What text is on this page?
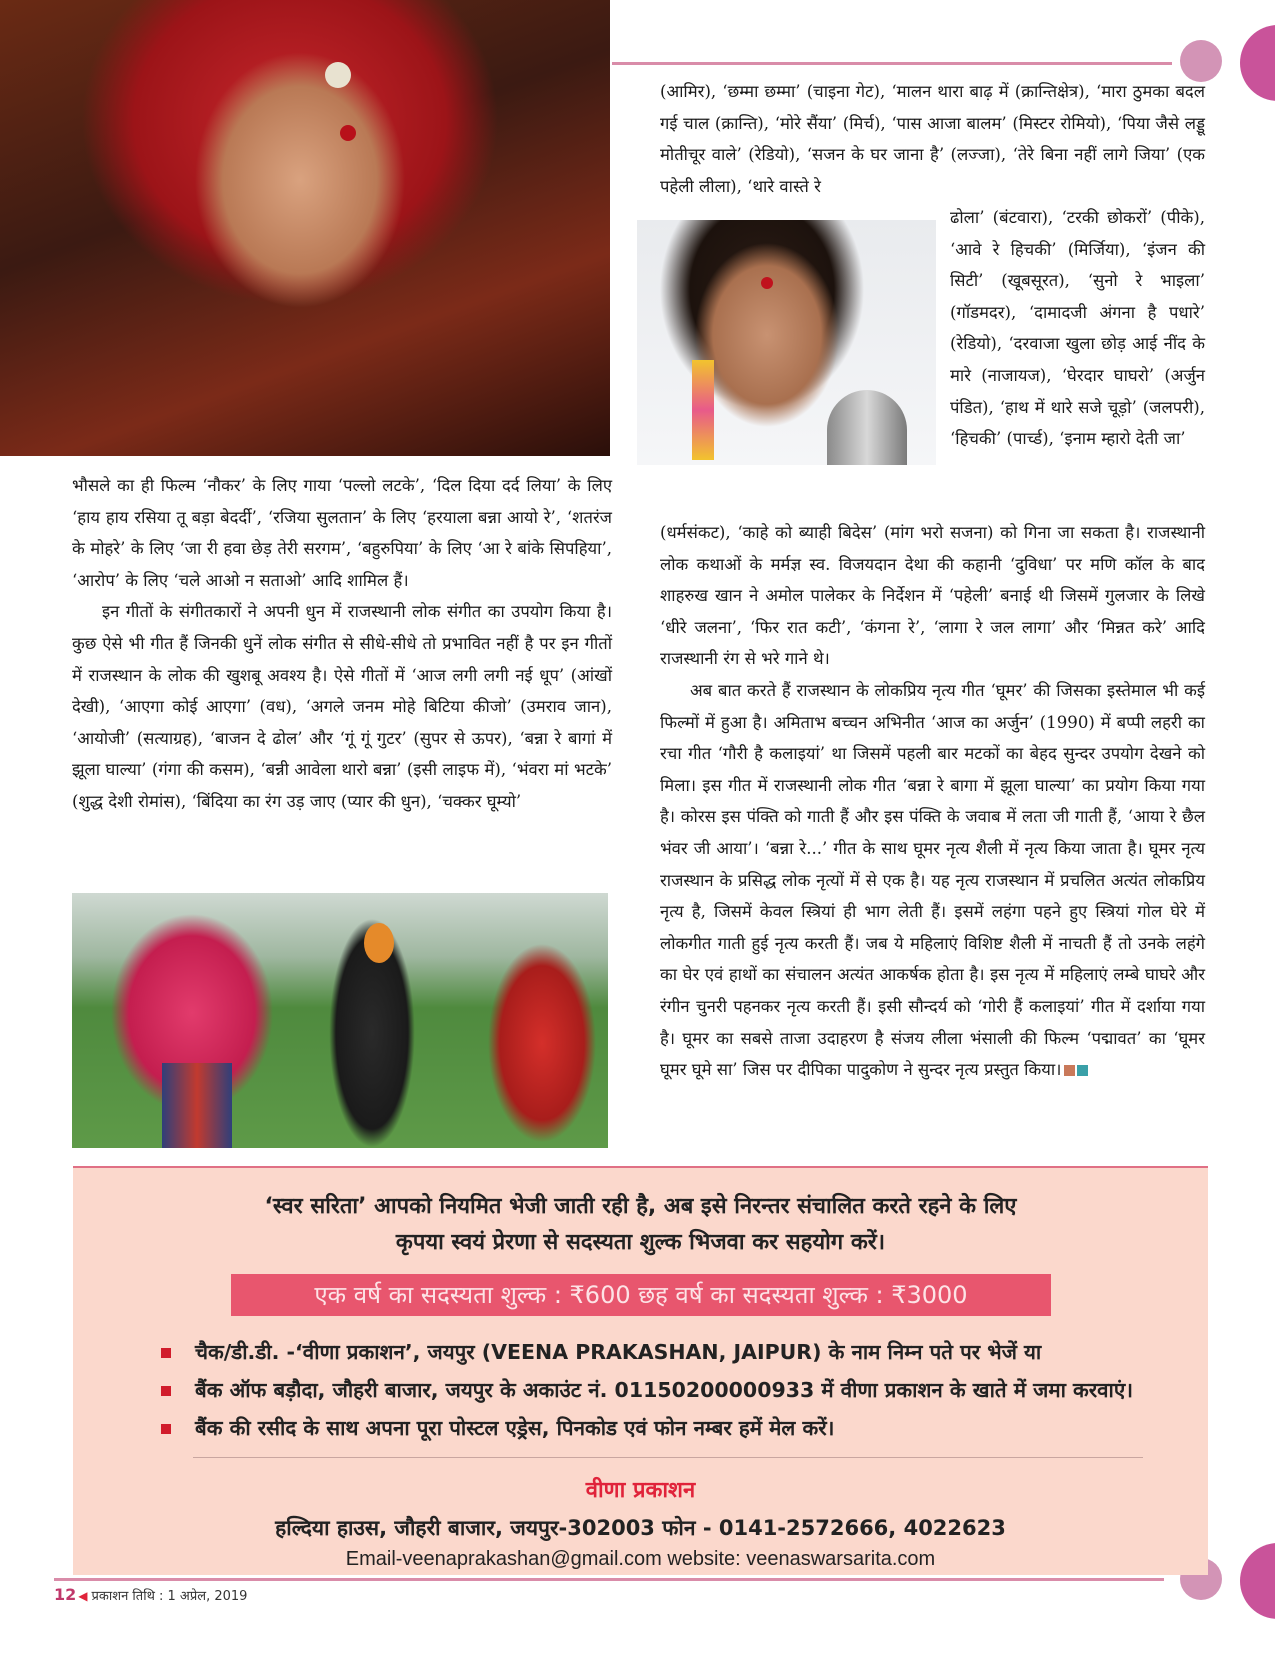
भौसले का ही फिल्म ‘नौकर’ के लिए गाया ‘पल्लो लटके’, ‘दिल दिया दर्द लिया’ के लिए ‘हाय हाय रसिया तू बड़ा बेदर्दी’, ‘रजिया सुलतान’ के लिए ‘हरयाला बन्ना आयो रे’, ‘शतरंज के मोहरे’ के लिए ‘जा री हवा छेड़ तेरी सरगम’, ‘बहुरुपिया’ के लिए ‘आ रे बांके सिपहिया’, ‘आरोप’ के लिए ‘चले आओ न सताओ’ आदि शामिल हैं।

इन गीतों के संगीतकारों ने अपनी धुन में राजस्थानी लोक संगीत का उपयोग किया है। कुछ ऐसे भी गीत हैं जिनकी धुनें लोक संगीत से सीधे-सीधे तो प्रभावित नहीं है पर इन गीतों में राजस्थान के लोक की खुशबू अवश्य है। ऐसे गीतों में ‘आज लगी लगी नई धूप’ (आंखों देखी), ‘आएगा कोई आएगा’ (वध), ‘अगले जनम मोहे बिटिया कीजो’ (उमराव जान), ‘आयोजी’ (सत्याग्रह), ‘बाजन दे ढोल’ और ‘गूं गूं गुटर’ (सुपर से ऊपर), ‘बन्ना रे बागां में झूला घाल्या’ (गंगा की कसम), ‘बन्नी आवेला थारो बन्ना’ (इसी लाइफ में), ‘भंवरा मां भटके’ (शुद्ध देशी रोमांस), ‘बिंदिया का रंग उड़ जाए (प्यार की धुन), ‘चक्कर घूम्यो’

(आमिर), ‘छम्मा छम्मा’ (चाइना गेट), ‘मालन थारा बाढ़ में (क्रान्तिक्षेत्र), ‘मारा ठुमका बदल गई चाल (क्रान्ति), ‘मोरे सैंया’ (मिर्च), ‘पास आजा बालम’ (मिस्टर रोमियो), ‘पिया जैसे लड्डू मोतीचूर वाले’ (रेडियो), ‘सजन के घर जाना है’ (लज्जा), ‘तेरे बिना नहीं लागे जिया’ (एक पहेली लीला), ‘थारे वास्ते रे

ढोला’ (बंटवारा), ‘टरकी छोकरों’ (पीके), ‘आवे रे हिचकी’ (मिर्जिया), ‘इंजन की सिटी’ (खूबसूरत), ‘सुनो रे भाइला’ (गॉडमदर), ‘दामादजी अंगना है पधारे’ (रेडियो), ‘दरवाजा खुला छोड़ आई नींद के मारे (नाजायज), ‘घेरदार घाघरो’ (अर्जुन पंडित), ‘हाथ में थारे सजे चूड़ो’ (जलपरी), ‘हिचकी’ (पार्च्ड), ‘इनाम म्हारो देती जा’

(धर्मसंकट), ‘काहे को ब्याही बिदेस’ (मांग भरो सजना) को गिना जा सकता है। राजस्थानी लोक कथाओं के मर्मज्ञ स्व. विजयदान देथा की कहानी ‘दुविधा’ पर मणि कॉल के बाद शाहरुख खान ने अमोल पालेकर के निर्देशन में ‘पहेली’ बनाई थी जिसमें गुलजार के लिखे ‘धीरे जलना’, ‘फिर रात कटी’, ‘कंगना रे’, ‘लागा रे जल लागा’ और ‘मिन्नत करे’ आदि राजस्थानी रंग से भरे गाने थे।

अब बात करते हैं राजस्थान के लोकप्रिय नृत्य गीत ‘घूमर’ की जिसका इस्तेमाल भी कई फिल्मों में हुआ है। अमिताभ बच्चन अभिनीत ‘आज का अर्जुन’ (1990) में बप्पी लहरी का रचा गीत ‘गौरी है कलाइयां’ था जिसमें पहली बार मटकों का बेहद सुन्दर उपयोग देखने को मिला। इस गीत में राजस्थानी लोक गीत ‘बन्ना रे बागा में झूला घाल्या’ का प्रयोग किया गया है। कोरस इस पंक्ति को गाती हैं और इस पंक्ति के जवाब में लता जी गाती हैं, ‘आया रे छैल भंवर जी आया’। ‘बन्ना रे...’ गीत के साथ घूमर नृत्य शैली में नृत्य किया जाता है। घूमर नृत्य राजस्थान के प्रसिद्ध लोक नृत्यों में से एक है। यह नृत्य राजस्थान में प्रचलित अत्यंत लोकप्रिय नृत्य है, जिसमें केवल स्त्रियां ही भाग लेती हैं। इसमें लहंगा पहने हुए स्त्रियां गोल घेरे में लोकगीत गाती हुई नृत्य करती हैं। जब ये महिलाएं विशिष्ट शैली में नाचती हैं तो उनके लहंगे का घेर एवं हाथों का संचालन अत्यंत आकर्षक होता है। इस नृत्य में महिलाएं लम्बे घाघरे और रंगीन चुनरी पहनकर नृत्य करती हैं। इसी सौन्दर्य को ‘गोरी हैं कलाइयां’ गीत में दर्शाया गया है। घूमर का सबसे ताजा उदाहरण है संजय लीला भंसाली की फिल्म ‘पद्मावत’ का ‘घूमर घूमर घूमे सा’ जिस पर दीपिका पादुकोण ने सुन्दर नृत्य प्रस्तुत किया।

‘स्वर सरिता’ आपको नियमित भेजी जाती रही है, अब इसे निरन्तर संचालित करते रहने के लिए
कृपया स्वयं प्रेरणा से सदस्यता शुल्क भिजवा कर सहयोग करें।
एक वर्ष का सदस्यता शुल्क : ₹600 छह वर्ष का सदस्यता शुल्क : ₹3000
चैक/डी.डी. -‘वीणा प्रकाशन’, जयपुर (VEENA PRAKASHAN, JAIPUR) के नाम निम्न पते पर भेजें या
बैंक ऑफ बड़ौदा, जौहरी बाजार, जयपुर के अकाउंट नं. 01150200000933 में वीणा प्रकाशन के खाते में जमा करवाएं।
बैंक की रसीद के साथ अपना पूरा पोस्टल एड्रेस, पिनकोड एवं फोन नम्बर हमें मेल करें।
वीणा प्रकाशन
हल्दिया हाउस, जौहरी बाजार, जयपुर-302003 फोन - 0141-2572666, 4022623
Email-veenaprakashan@gmail.com website: veenaswarsarita.com
12 ◀ प्रकाशन तिथि : 1 अप्रेल, 2019
